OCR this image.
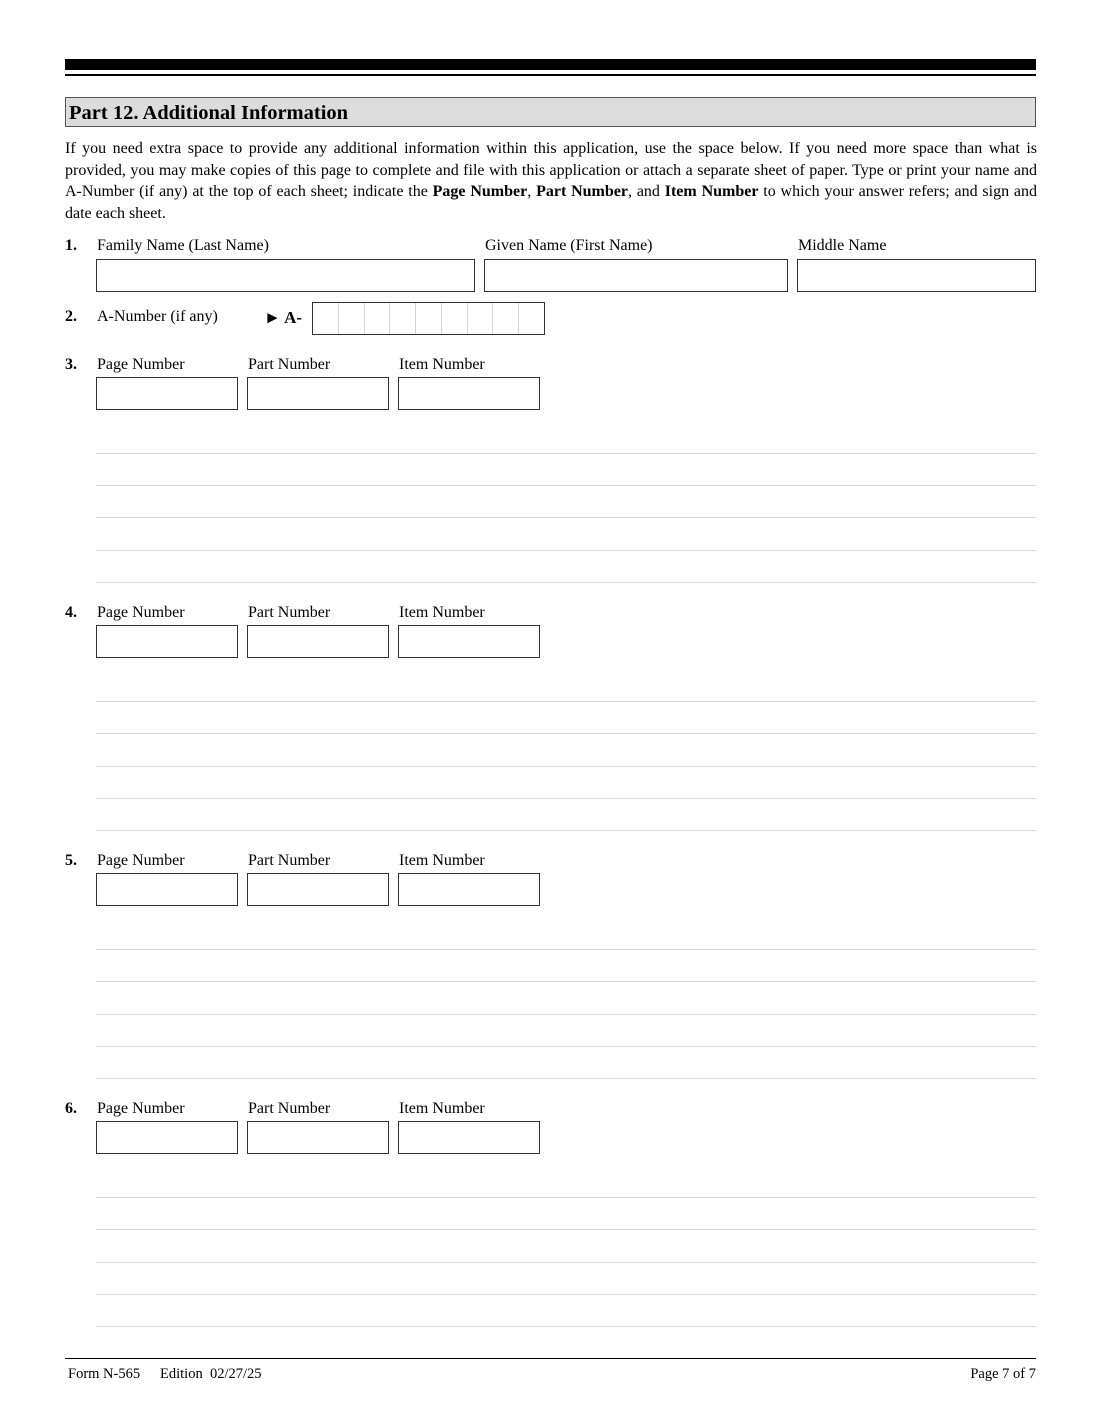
Part 12. Additional Information
If you need extra space to provide any additional information within this application, use the space below. If you need more space than what is provided, you may make copies of this page to complete and file with this application or attach a separate sheet of paper. Type or print your name and A-Number (if any) at the top of each sheet; indicate the Page Number, Part Number, and Item Number to which your answer refers; and sign and date each sheet.
1. Family Name (Last Name)	Given Name (First Name)	Middle Name
2. A-Number (if any)	► A-
3. Page Number	Part Number	Item Number
4. Page Number	Part Number	Item Number
5. Page Number	Part Number	Item Number
6. Page Number	Part Number	Item Number
Form N-565 Edition  02/27/25	Page 7 of 7
